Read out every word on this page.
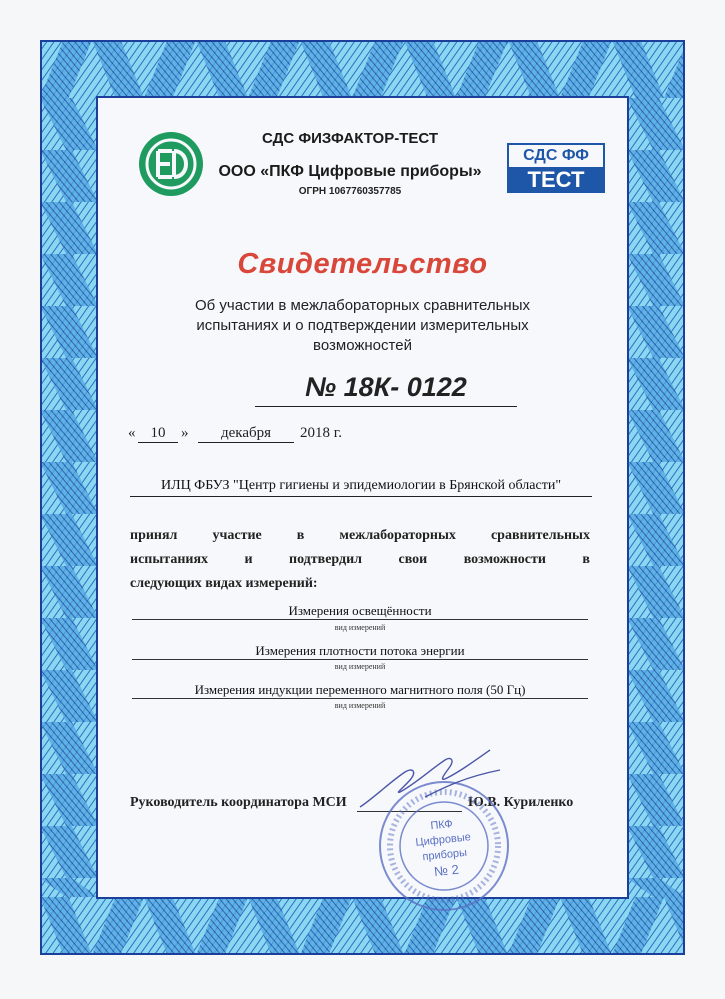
СДС ФИЗФАКТОР-ТЕСТ
ООО «ПКФ Цифровые приборы»
ОГРН 1067760357785
СДС ФФ
ТЕСТ
Свидетельство
Об участии в межлабораторных сравнительных
испытаниях и о подтверждении измерительных
возможностей
№ 18К- 0122
«	10	»	декабря	2018 г.
ИЛЦ ФБУЗ "Центр гигиены и эпидемиологии в Брянской области"
принял участие в межлабораторных сравнительных
испытаниях и подтвердил свои возможности в
следующих видах измерений:
Измерения освещённости
вид измерений
Измерения плотности потока энергии
вид измерений
Измерения индукции переменного магнитного поля (50 Гц)
вид измерений
Руководитель координатора МСИ	Ю.В. Куриленко
ПКФ
Цифровые приборы
№ 2
